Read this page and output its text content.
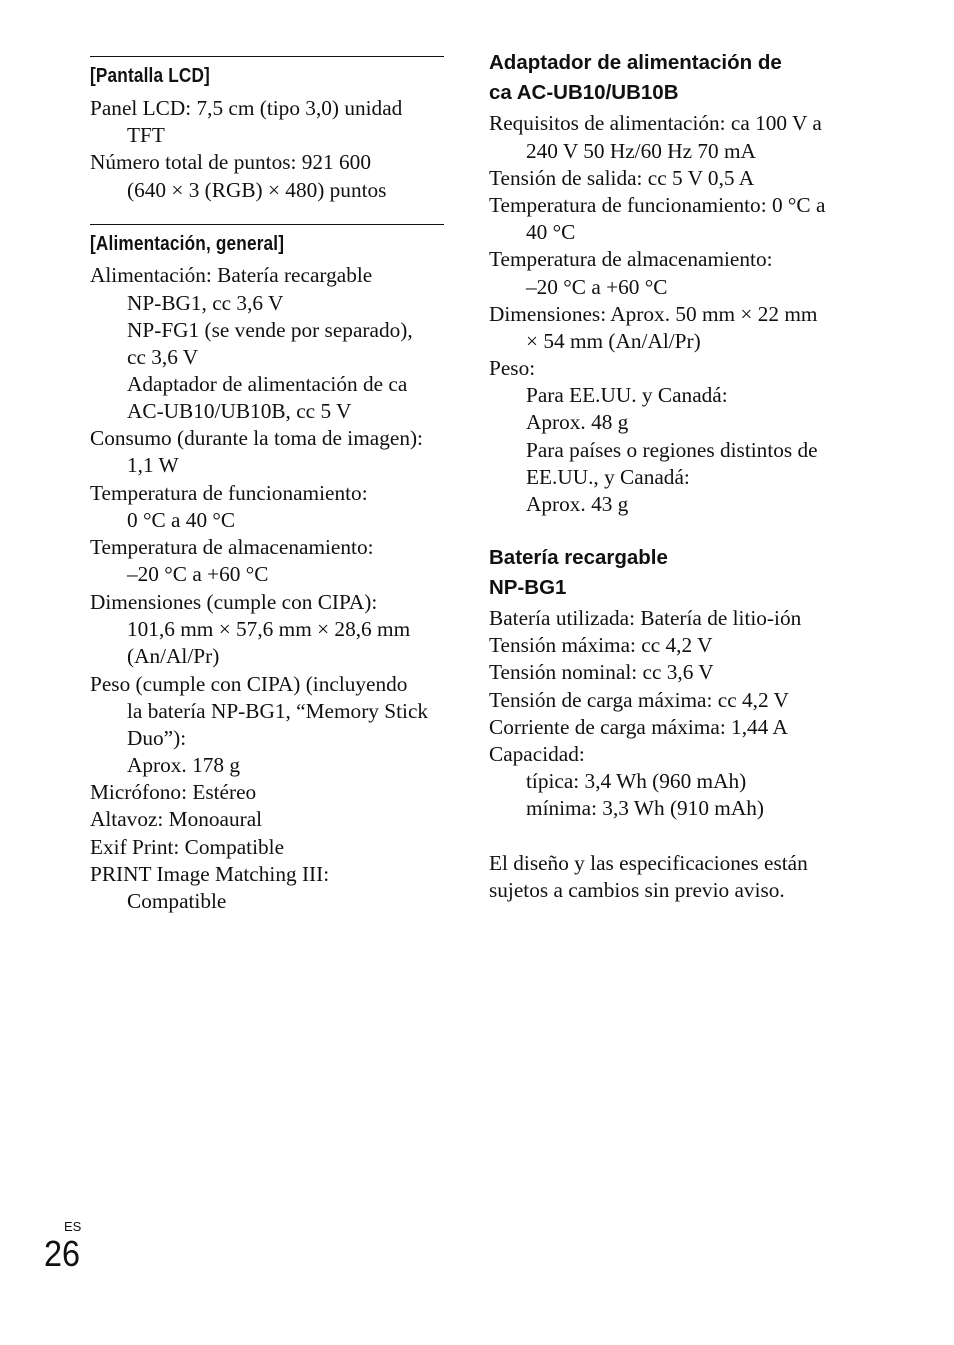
[Pantalla LCD]

Panel LCD: 7,5 cm (tipo 3,0) unidad

TFT

Número total de puntos: 921 600

(640 × 3 (RGB) × 480) puntos

[Alimentación, general]

Alimentación: Batería recargable

NP-BG1, cc 3,6 V

NP-FG1 (se vende por separado),

cc 3,6 V

Adaptador de alimentación de ca

AC-UB10/UB10B, cc 5 V

Consumo (durante la toma de imagen):

1,1 W

Temperatura de funcionamiento:

0 °C a 40 °C

Temperatura de almacenamiento:

–20 °C a +60 °C

Dimensiones (cumple con CIPA):

101,6 mm × 57,6 mm × 28,6 mm

(An/Al/Pr)

Peso (cumple con CIPA) (incluyendo

la batería NP-BG1, “Memory Stick

Duo”):

Aprox. 178 g

Micrófono: Estéreo

Altavoz: Monoaural

Exif Print: Compatible

PRINT Image Matching III:

Compatible

Adaptador de alimentación de
ca AC-UB10/UB10B

Requisitos de alimentación: ca 100 V a

240 V 50 Hz/60 Hz 70 mA

Tensión de salida: cc 5 V 0,5 A

Temperatura de funcionamiento: 0 °C a

40 °C

Temperatura de almacenamiento:

–20 °C a +60 °C

Dimensiones: Aprox. 50 mm × 22 mm

× 54 mm (An/Al/Pr)

Peso:

Para EE.UU. y Canadá:

Aprox. 48 g

Para países o regiones distintos de

EE.UU., y Canadá:

Aprox. 43 g

Batería recargable
NP-BG1

Batería utilizada: Batería de litio-ión

Tensión máxima: cc 4,2 V

Tensión nominal: cc 3,6 V

Tensión de carga máxima: cc 4,2 V

Corriente de carga máxima: 1,44 A

Capacidad:

típica: 3,4 Wh (960 mAh)

mínima: 3,3 Wh (910 mAh)

El diseño y las especificaciones están

sujetos a cambios sin previo aviso.

ES
26
